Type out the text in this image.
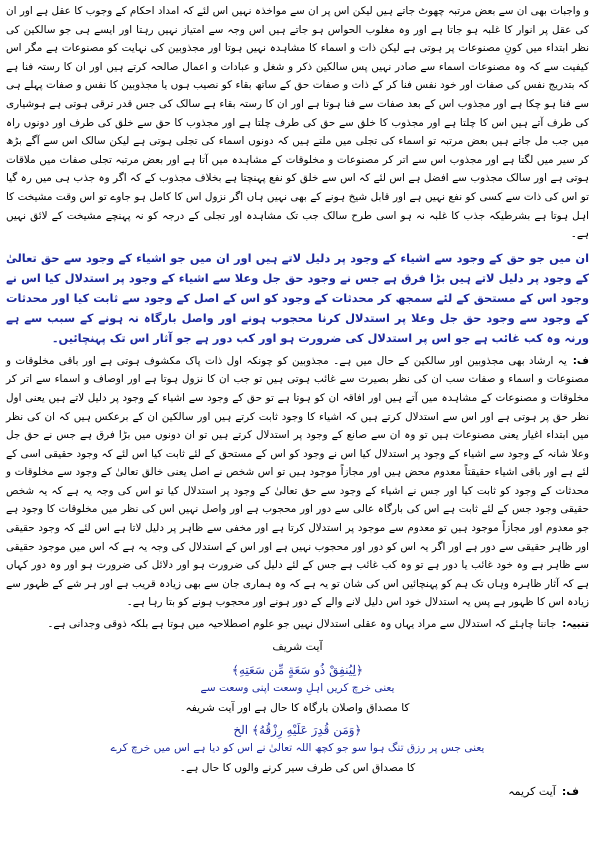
و واجبات بھی ان سے بعض مرتبہ چھوٹ جاتے ہیں لیکن اس پر ان سے مواخذہ نہیں اس لئے کہ امداد احکام کے وجوب کا عقل ہے اور ان کی عقل پر انوار کا غلبہ ہو جاتا ہے اور وہ مغلوب الحواس ہو جاتے ہیں اس وجہ سے امتیاز نہیں رہتا اور ایسے ہی جو سالکین کی نظر ابتداء میں کونِ مصنوعات پر ہوتی ہے لیکن ذات و اسماء کا مشاہدہ نہیں ہوتا اور مجذوبین کی نہایت کو مصنوعات ہے مگر اس کیفیت سے کہ وہ مصنوعات اسماء سے صادر نہیں پس سالکین ذکر و شغل و عبادات و اعمال صالحہ کرتے ہیں اور ان کا رستہ فنا ہے کہ بتدریج نفس کی صفات اور خود نفس فنا کر کے ذات و صفات حق کے ساتھ بقاء کو نصیب ہوں یا مجذوبین کا نفس و صفات پہلے ہی سے فنا ہو چکا ہے اور مجذوب اس کے بعد صفات سے فنا ہوتا ہے اور ان کا رستہ بقاء ہے سالک کی جس قدر ترقی ہوتی ہے ہوشیاری کی طرف آتے ہیں اس کا چلتا ہے اور مجذوب کا خلق سے حق کی طرف چلتا ہے اور مجذوب کا حق سے خلق کی طرف اور دونوں راہ میں جب مل جاتے ہیں بعض مرتبہ تو اسماء کی تجلی میں ملتے ہیں کہ دونوں اسماء کی تجلی ہوتی ہے لیکن سالک اس سے آگے بڑھ کر سیر میں لگتا ہے اور مجذوب اس سے اتر کر مصنوعات و مخلوقات کے مشاہدہ میں آتا ہے اور بعض مرتبہ تجلی صفات میں ملاقات ہوتی ہے اور سالک مجذوب سے افضل ہے اس لئے کہ اس سے خلق کو نفع پہنچتا ہے بخلاف مجذوب کے کہ اگر وہ جذب ہی میں رہ گیا تو اس کی ذات سے کسی کو نفع نہیں ہے اور قابل شیخ ہونے کے بھی نہیں ہاں اگر نزول اس کا کامل ہو جاوے تو اس وقت مشیخت کا اہل ہوتا ہے بشرطیکہ جذب کا غلبہ نہ ہو اسی طرح سالک جب تک مشاہدہ اور تجلی کے درجہ کو نہ پہنچے مشیخت کے لائق نہیں ہے۔

ان میں جو حق کے وجود سے اشیاء کے وجود پر دلیل لاتے ہیں اور ان میں جو اشیاء کے وجود سے حق تعالیٰ کے وجود پر دلیل لاتے ہیں بڑا فرق ہے جس نے وجود حق جل وعلا سے اشیاء کے وجود پر استدلال کیا اس نے وجود اس کے مستحق کے لئے سمجھ کر محدثات کے وجود کو اس کے اصل کے وجود سے ثابت کیا اور محدثات کے وجود سے وجود حق جل وعلا پر استدلال کرنا محجوب ہونے اور واصل بارگاہ نہ ہونے کے سبب سے ہے ورنہ وہ کب غائب ہے جو اس پر استدلال کی ضرورت ہو اور کب دور ہے جو آثار اس تک پہنچائیں۔

ف:یہ ارشاد بھی مجذوبین اور سالکین کے حال میں ہے۔ مجذوبین کو چونکہ اول ذات پاک مکشوف ہوتی ہے اور باقی مخلوقات و مصنوعات و اسماء و صفات سب ان کی نظر بصیرت سے غائب ہوتی ہیں تو جب ان کا نزول ہوتا ہے اور اوصاف و اسماء سے اتر کر مخلوقات و مصنوعات کے مشاہدہ میں آتے ہیں اور افاقہ ان کو ہوتا ہے تو حق کے وجود سے اشیاء کے وجود پر دلیل لاتے ہیں یعنی اول نظر حق پر ہوتی ہے اور اس سے استدلال کرتے ہیں کہ اشیاء کا وجود ثابت کرتے ہیں اور سالکین ان کے برعکس ہیں کہ ان کی نظر میں ابتداء اغیار یعنی مصنوعات ہیں تو وہ ان سے صانع کے وجود پر استدلال کرتے ہیں تو ان دونوں میں بڑا فرق ہے جس نے حق جل وعلا شانہ کے وجود سے اشیاء کے وجود پر استدلال کیا اس نے وجود کو اس کے مستحق کے لئے ثابت کیا اس لئے کہ وجود حقیقی اسی کے لئے ہے اور باقی اشیاء حقیقتاً معدوم محض ہیں اور مجازاً موجود ہیں تو اس شخص نے اصل یعنی خالق تعالیٰ کے وجود سے مخلوقات و محدثات کے وجود کو ثابت کیا اور جس نے اشیاء کے وجود سے حق تعالیٰ کے وجود پر استدلال کیا تو اس کی وجہ یہ ہے کہ یہ شخص حقیقی وجود جس کے لئے ثابت ہے اس کی بارگاہ عالی سے دور اور محجوب ہے اور واصل نہیں اس کی نظر میں مخلوقات کا وجود ہے جو معدوم اور مجازاً موجود ہیں تو معدوم سے موجود پر استدلال کرتا ہے اور مخفی سے ظاہر پر دلیل لاتا ہے اس لئے کہ وجود حقیقی اور ظاہر حقیقی سے دور ہے اور اگر یہ اس کو دور اور محجوب نہیں ہے اور اس کے استدلال کی وجہ یہ ہے کہ اس میں موجود حقیقی سے ظاہر ہے وہ خود غائب یا دور ہے تو وہ کب غائب ہے جس کے لئے دلیل کی ضرورت ہو اور دلائل کی ضرورت ہو اور وہ دور کہاں ہے کہ آثار ظاہرہ وہاں تک ہم کو پہنچائیں اس کی شان تو یہ ہے کہ وہ ہماری جان سے بھی زیادہ قریب ہے اور ہر شے کے ظہور سے زیادہ اس کا ظہور ہے پس یہ استدلال خود اس دلیل لانے والے کے دور ہونے اور محجوب ہونے کو بتا رہا ہے۔

تنبیہ:جاننا چاہئے کہ استدلال سے مراد یہاں وہ عقلی استدلال نہیں جو علوم اصطلاحیہ میں ہوتا ہے بلکہ ذوقی وجدانی ہے۔

آیت شریف
﴿لِيُنفِقْ ذُو سَعَةٍ مِّن سَعَتِهِ﴾

یعنی خرچ کریں اہلِ وسعت اپنی وسعت سے

کا مصداق واصلان بارگاہ کا حال ہے اور آیت شریفہ

﴿وَمَن قُدِرَ عَلَيْهِ رِزْقُهُ﴾ الخ

یعنی جس پر رزق تنگ ہوا سو جو کچھ اللہ تعالیٰ نے اس کو دیا ہے اس میں خرچ کرے

کا مصداق اس کی طرف سیر کرنے والوں کا حال ہے۔

ف:آیت کریمہ
